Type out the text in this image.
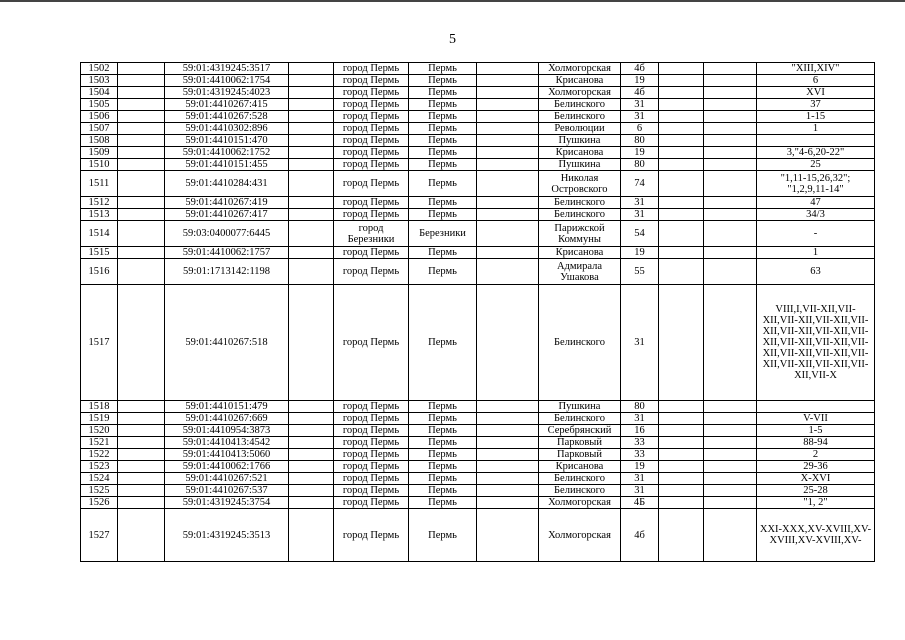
5
1502		59:01:4319245:3517		город Пермь	Пермь		Холмогорская	4б			"XIII,XIV"
1503		59:01:4410062:1754		город Пермь	Пермь		Крисанова	19			6
1504		59:01:4319245:4023		город Пермь	Пермь		Холмогорская	4б			XVI
1505		59:01:4410267:415		город Пермь	Пермь		Белинского	31			37
1506		59:01:4410267:528		город Пермь	Пермь		Белинского	31			1-15
1507		59:01:4410302:896		город Пермь	Пермь		Революции	6			1
1508		59:01:4410151:470		город Пермь	Пермь		Пушкина	80			
1509		59:01:4410062:1752		город Пермь	Пермь		Крисанова	19			3,"4-6,20-22"
1510		59:01:4410151:455		город Пермь	Пермь		Пушкина	80			25
1511		59:01:4410284:431		город Пермь	Пермь		Николая Островского	74			"1,11-15,26,32"; "1,2,9,11-14"
1512		59:01:4410267:419		город Пермь	Пермь		Белинского	31			47
1513		59:01:4410267:417		город Пермь	Пермь		Белинского	31			34/3
1514		59:03:0400077:6445		город Березники	Березники		Парижской Коммуны	54			-
1515		59:01:4410062:1757		город Пермь	Пермь		Крисанова	19			1
1516		59:01:1713142:1198		город Пермь	Пермь		Адмирала Ушакова	55			63
1517		59:01:4410267:518		город Пермь	Пермь		Белинского	31			VIII,I,VII-XII,VII-XII,VII-XII,VII-XII,VII-XII,VII-XII,VII-XII,VII-XII,VII-XII,VII-XII,VII-XII,VII-XII,VII-XII,VII-XII,VII-XII,VII-XII,VII-XII,VII-X
1518		59:01:4410151:479		город Пермь	Пермь		Пушкина	80			
1519		59:01:4410267:669		город Пермь	Пермь		Белинского	31			V-VII
1520		59:01:4410954:3873		город Пермь	Пермь		Серебрянский	16			1-5
1521		59:01:4410413:4542		город Пермь	Пермь		Парковый	33			88-94
1522		59:01:4410413:5060		город Пермь	Пермь		Парковый	33			2
1523		59:01:4410062:1766		город Пермь	Пермь		Крисанова	19			29-36
1524		59:01:4410267:521		город Пермь	Пермь		Белинского	31			X-XVI
1525		59:01:4410267:537		город Пермь	Пермь		Белинского	31			25-28
1526		59:01:4319245:3754		город Пермь	Пермь		Холмогорская	4Б			"1, 2"
1527		59:01:4319245:3513		город Пермь	Пермь		Холмогорская	4б			XXI-XXX,XV-XVIII,XV-XVIII,XV-XVIII,XV-
